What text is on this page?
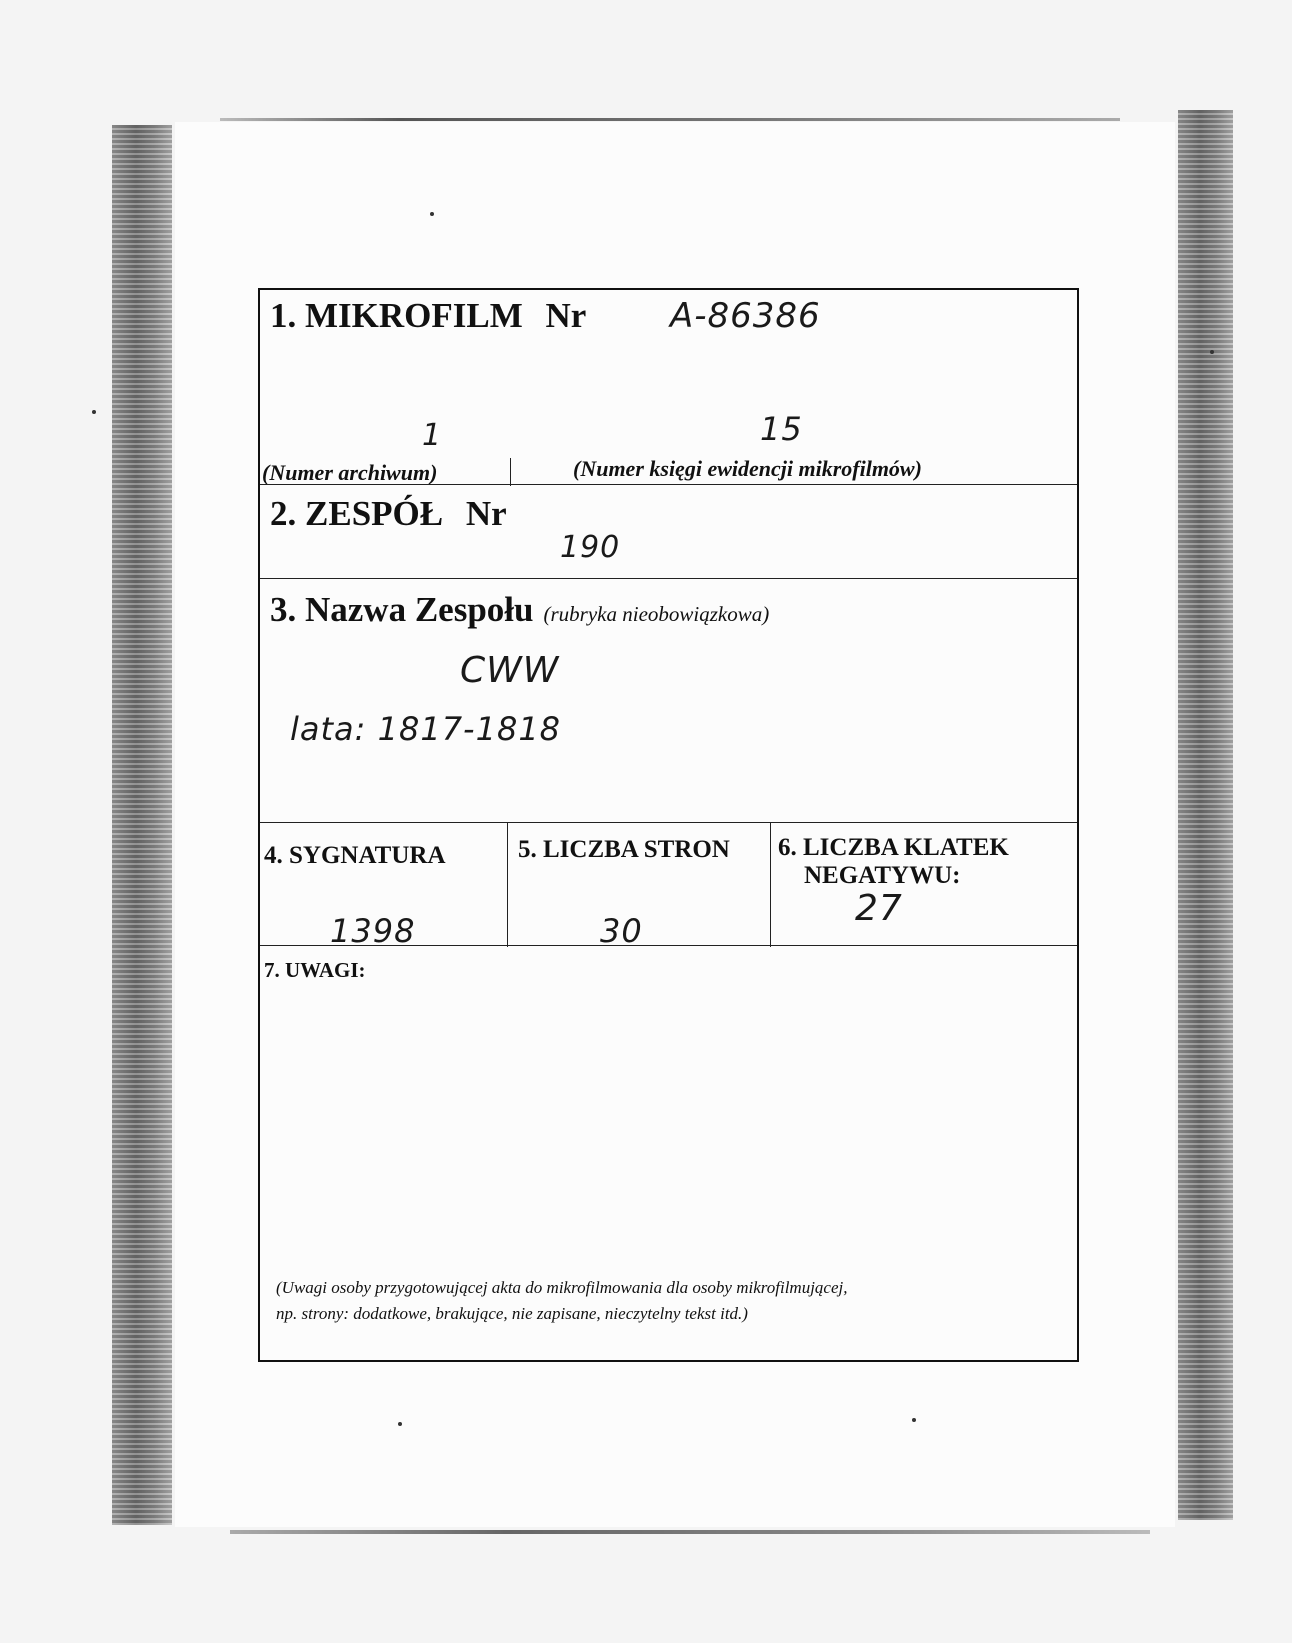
1. MIKROFILM Nr A-86386
1	15
(Numer archiwum)	(Numer księgi ewidencji mikrofilmów)
2. ZESPÓŁ Nr
190
3. Nazwa Zespołu (rubryka nieobowiązkowa)
CWW
lata: 1817-1818
4. SYGNATURA
1398
5. LICZBA STRON
30
6. LICZBA KLATEK
NEGATYWU:
27
7. UWAGI:
(Uwagi osoby przygotowującej akta do mikrofilmowania dla osoby mikrofilmującej,
np. strony: dodatkowe, brakujące, nie zapisane, nieczytelny tekst itd.)
